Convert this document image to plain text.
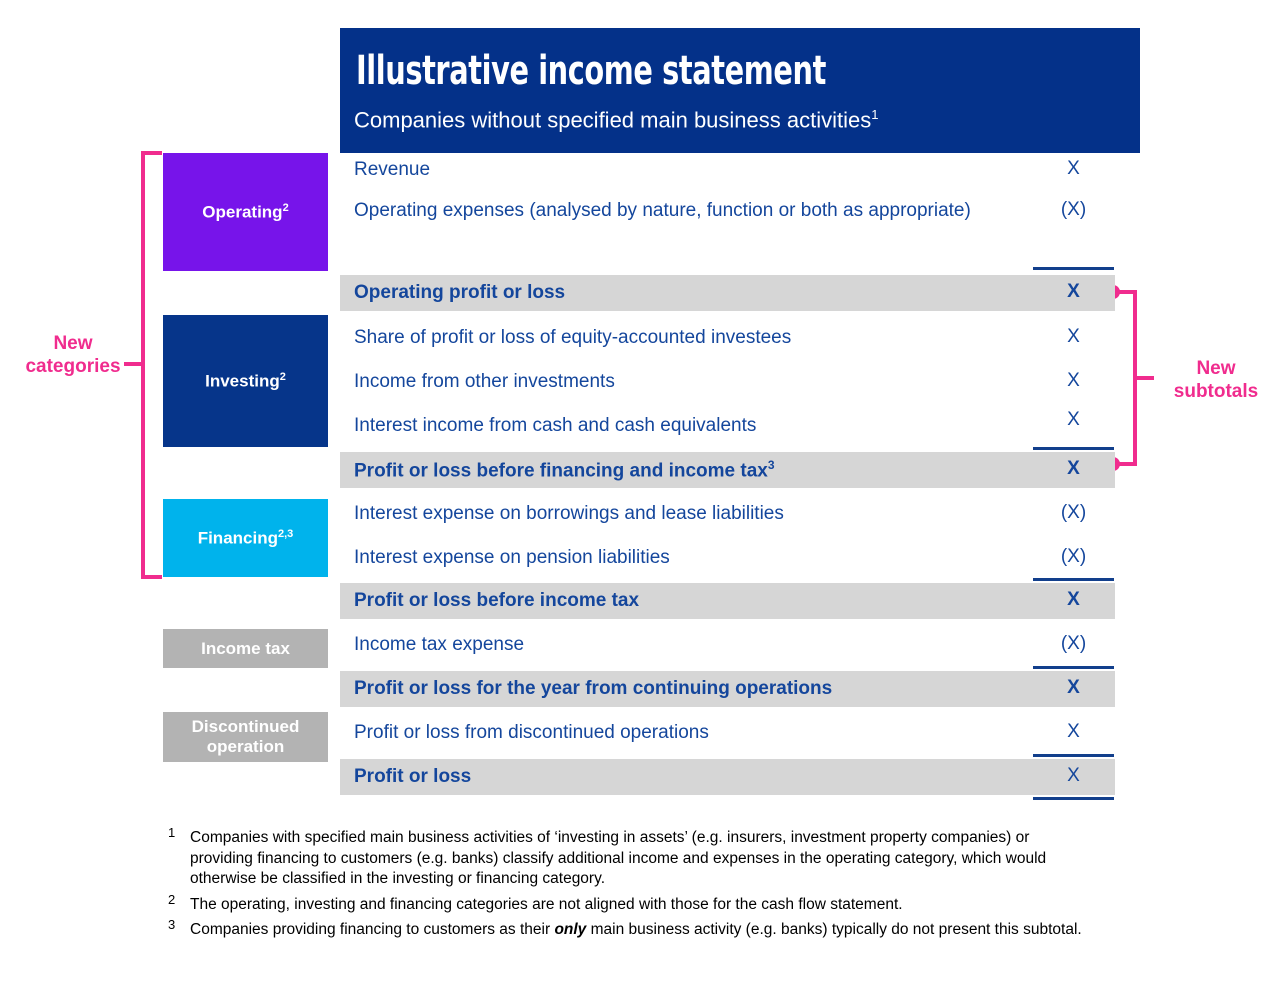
Illustrative income statement
Companies without specified main business activities$^1$
New
categories	New
subtotals
Operating$^2$
Investing$^2$
Financing$^{2,3}$
Income tax
Discontinued operation
Revenue	X
Operating expenses (analysed by nature, function or both as appropriate)	(X)
Operating profit or loss	X
Share of profit or loss of equity-accounted investees	X
Income from other investments	X
Interest income from cash and cash equivalents	X
Profit or loss before financing and income tax$^3$	X
Interest expense on borrowings and lease liabilities	(X)
Interest expense on pension liabilities	(X)
Profit or loss before income tax	X
Income tax expense	(X)
Profit or loss for the year from continuing operations	X
Profit or loss from discontinued operations	X
Profit or loss	X
1 Companies with specified main business activities of ‘investing in assets’ (e.g. insurers, investment property companies) or providing financing to customers (e.g. banks) classify additional income and expenses in the operating category, which would otherwise be classified in the investing or financing category.
2 The operating, investing and financing categories are not aligned with those for the cash flow statement.
3 Companies providing financing to customers as their only main business activity (e.g. banks) typically do not present this subtotal.
